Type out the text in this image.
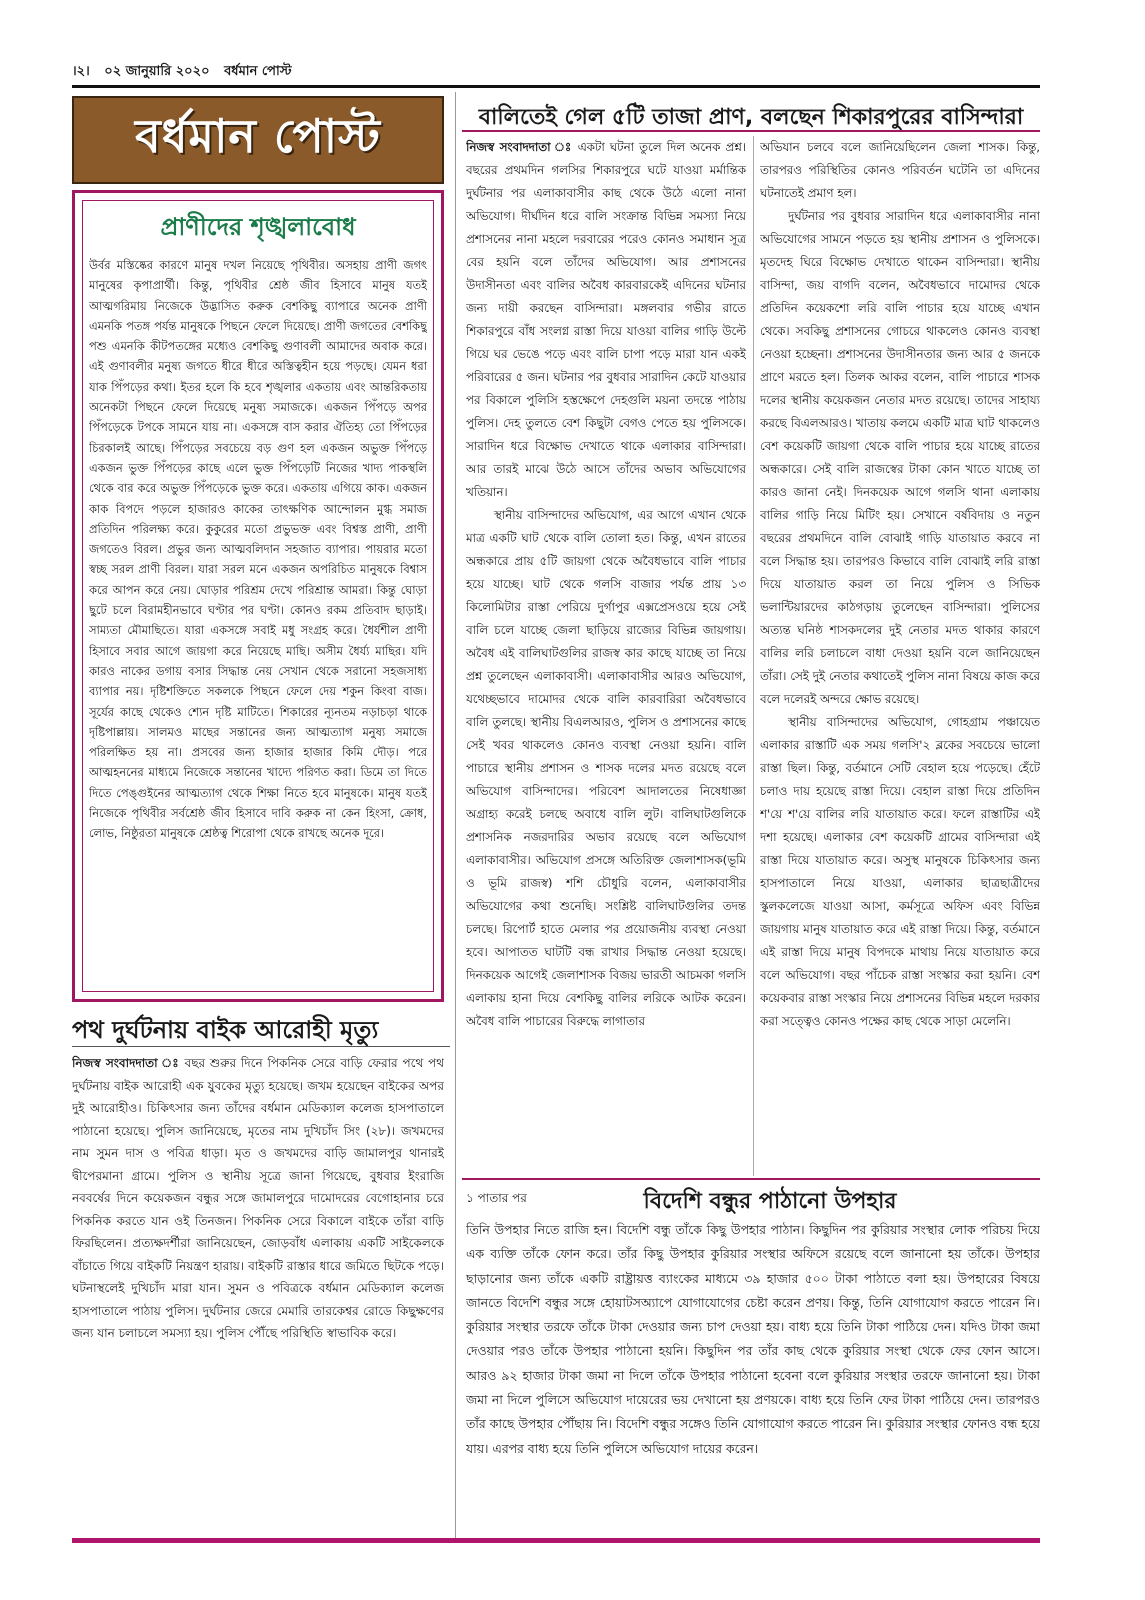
।২। ০২ জানুয়ারি ২০২০ বর্ধমান পোস্ট
বর্ধমান পোস্ট
প্রাণীদের শৃঙ্খলাবোধ
উর্বর মস্তিষ্কের কারণে মানুষ দখল নিয়েছে পৃথিবীর। অসহায় প্রাণী জগৎ মানুষের কৃপাপ্রার্থী। কিন্তু, পৃথিবীর শ্রেষ্ঠ জীব হিসাবে মানুষ যতই আত্মগরিমায় নিজেকে উদ্ভাসিত করুক বেশকিছু ব্যাপারে অনেক প্রাণী এমনকি পতঙ্গ পর্যন্ত মানুষকে পিছনে ফেলে দিয়েছে। প্রাণী জগতের বেশকিছু পশু এমনকি কীটপতঙ্গের মধ্যেও বেশকিছু গুণাবলী আমাদের অবাক করে। এই গুণাবলীর মনুষ্য জগতে ধীরে ধীরে অস্তিত্বহীন হয়ে পড়ছে। যেমন ধরা যাক পিঁপড়ের কথা। ইতর হলে কি হবে শৃঙ্খলার একতায় এবং আন্তরিকতায় অনেকটা পিছনে ফেলে দিয়েছে মনুষ্য সমাজকে। একজন পিঁপড়ে অপর পিঁপড়েকে টপকে সামনে যায় না। একসঙ্গে বাস করার ঐতিহ্য তো পিঁপড়ের চিরকালই আছে। পিঁপড়ের সবচেয়ে বড় গুণ হল একজন অভুক্ত পিঁপড়ে একজন ভুক্ত পিঁপড়ের কাছে এলে ভুক্ত পিঁপড়েটি নিজের খাদ্য পাকস্থলি থেকে বার করে অভুক্ত পিঁপড়েকে ভুক্ত করে। একতায় এগিয়ে কাক। একজন কাক বিপদে পড়লে হাজারও কাকের তাৎক্ষণিক আন্দোলন মুগ্ধ সমাজ প্রতিদিন পরিলক্ষ্য করে। কুকুরের মতো প্রভুভক্ত এবং বিশ্বস্ত প্রাণী, প্রাণী জগতেও বিরল। প্রভুর জন্য আত্মবলিদান সহজাত ব্যাপার। পায়রার মতো স্বচ্ছ সরল প্রাণী বিরল। যারা সরল মনে একজন অপরিচিত মানুষকে বিশ্বাস করে আপন করে নেয়। ঘোড়ার পরিশ্রম দেখে পরিশ্রান্ত আমরা। কিন্তু ঘোড়া ছুটে চলে বিরামহীনভাবে ঘণ্টার পর ঘণ্টা। কোনও রকম প্রতিবাদ ছাড়াই। সাম্যতা মৌমাছিতে। যারা একসঙ্গে সবাই মধু সংগ্রহ করে। ধৈর্যশীল প্রাণী হিসাবে সবার আগে জায়গা করে নিয়েছে মাছি। অসীম ধৈর্য্য মাছির। যদি কারও নাকের ডগায় বসার সিদ্ধান্ত নেয় সেখান থেকে সরানো সহজসাধ্য ব্যাপার নয়। দৃষ্টিশক্তিতে সকলকে পিছনে ফেলে দেয় শকুন কিংবা বাজ। সূর্যের কাছে থেকেও শ্যেন দৃষ্টি মাটিতে। শিকারের ন্যূনতম নড়াচড়া থাকে দৃষ্টিপাল্লায়। সালমও মাছের সন্তানের জন্য আত্মত্যাগ মনুষ্য সমাজে পরিলক্ষিত হয় না। প্রসবের জন্য হাজার হাজার কিমি দৌড়। পরে আত্মহননের মাধ্যমে নিজেকে সন্তানের খাদ্যে পরিণত করা। ডিমে তা দিতে দিতে পেঙ্গুইনের আত্মত্যাগ থেকে শিক্ষা নিতে হবে মানুষকে। মানুষ যতই নিজেকে পৃথিবীর সর্বশ্রেষ্ঠ জীব হিসাবে দাবি করুক না কেন হিংসা, ক্রোধ, লোভ, নিষ্ঠুরতা মানুষকে শ্রেষ্ঠত্ব শিরোপা থেকে রাখছে অনেক দূরে।
পথ দুর্ঘটনায় বাইক আরোহী মৃত্যু
নিজস্ব সংবাদদাতা ঃ বছর শুরুর দিনে পিকনিক সেরে বাড়ি ফেরার পথে পথ দুর্ঘটনায় বাইক আরোহী এক যুবকের মৃত্যু হয়েছে। জখম হয়েছেন বাইকের অপর দুই আরোহীও। চিকিৎসার জন্য তাঁদের বর্ধমান মেডিক্যাল কলেজ হাসপাতালে পাঠানো হয়েছে। পুলিস জানিয়েছে, মৃতের নাম দুখিচাঁদ সিং (২৮)। জখমদের নাম সুমন দাস ও পবিত্র ধাড়া। মৃত ও জখমদের বাড়ি জামালপুর থানারই দ্বীপেরমানা গ্রামে। পুলিস ও স্থানীয় সূত্রে জানা গিয়েছে, বুধবার ইংরাজি নববর্ষের দিনে কয়েকজন বন্ধুর সঙ্গে জামালপুরে দামোদরের বেগোহানার চরে পিকনিক করতে যান ওই তিনজন। পিকনিক সেরে বিকালে বাইকে তাঁরা বাড়ি ফিরছিলেন। প্রত্যক্ষদর্শীরা জানিয়েছেন, জোড়বাঁধ এলাকায় একটি সাইকেলকে বাঁচাতে গিয়ে বাইকটি নিয়ন্ত্রণ হারায়। বাইকটি রাস্তার ধারে জমিতে ছিটকে পড়ে। ঘটনাস্থলেই দুখিচাঁদ মারা যান। সুমন ও পবিত্রকে বর্ধমান মেডিক্যাল কলেজ হাসপাতালে পাঠায় পুলিস। দুর্ঘটনার জেরে মেমারি তারকেশ্বর রোডে কিছুক্ষণের জন্য যান চলাচলে সমস্যা হয়। পুলিস পৌঁছে পরিস্থিতি স্বাভাবিক করে।
বালিতেই গেল ৫টি তাজা প্রাণ, বলছেন শিকারপুরের বাসিন্দারা

নিজস্ব সংবাদদাতা ঃ একটা ঘটনা তুলে দিল অনেক প্রশ্ন। বছরের প্রথমদিন গলসির শিকারপুরে ঘটে যাওয়া মর্মান্তিক দুর্ঘটনার পর এলাকাবাসীর কাছ থেকে উঠে এলো নানা অভিযোগ। দীর্ঘদিন ধরে বালি সংক্রান্ত বিভিন্ন সমস্যা নিয়ে প্রশাসনের নানা মহলে দরবারের পরেও কোনও সমাধান সূত্র বের হয়নি বলে তাঁদের অভিযোগ। আর প্রশাসনের উদাসীনতা এবং বালির অবৈধ কারবারকেই এদিনের ঘটনার জন্য দায়ী করছেন বাসিন্দারা। মঙ্গলবার গভীর রাতে শিকারপুরে বাঁধ সংলগ্ন রাস্তা দিয়ে যাওয়া বালির গাড়ি উল্টে গিয়ে ঘর ভেঙে পড়ে এবং বালি চাপা পড়ে মারা যান একই পরিবারের ৫ জন। ঘটনার পর বুধবার সারাদিন কেটে যাওয়ার পর বিকালে পুলিসি হস্তক্ষেপে দেহগুলি ময়না তদন্তে পাঠায় পুলিস। দেহ তুলতে বেশ কিছুটা বেগও পেতে হয় পুলিসকে। সারাদিন ধরে বিক্ষোভ দেখাতে থাকে এলাকার বাসিন্দারা। আর তারই মাঝে উঠে আসে তাঁদের অভাব অভিযোগের খতিয়ান।

স্থানীয় বাসিন্দাদের অভিযোগ, এর আগে এখান থেকে মাত্র একটি ঘাট থেকে বালি তোলা হত। কিন্তু, এখন রাতের অন্ধকারে প্রায় ৫টি জায়গা থেকে অবৈধভাবে বালি পাচার হয়ে যাচ্ছে। ঘাট থেকে গলসি বাজার পর্যন্ত প্রায় ১৩ কিলোমিটার রাস্তা পেরিয়ে দুর্গাপুর এক্সপ্রেসওয়ে হয়ে সেই বালি চলে যাচ্ছে জেলা ছাড়িয়ে রাজ্যের বিভিন্ন জায়গায়। অবৈধ এই বালিঘাটগুলির রাজস্ব কার কাছে যাচ্ছে তা নিয়ে প্রশ্ন তুলেছেন এলাকাবাসী। এলাকাবাসীর আরও অভিযোগ, যথেচ্ছভাবে দামোদর থেকে বালি কারবারিরা অবৈধভাবে বালি তুলছে। স্থানীয় বিএলআরও, পুলিস ও প্রশাসনের কাছে সেই খবর থাকলেও কোনও ব্যবস্থা নেওয়া হয়নি। বালি পাচারে স্থানীয় প্রশাসন ও শাসক দলের মদত রয়েছে বলে অভিযোগ বাসিন্দাদের। পরিবেশ আদালতের নিষেধাজ্ঞা অগ্রাহ্য করেই চলছে অবাধে বালি লুট। বালিঘাটগুলিকে প্রশাসনিক নজরদারির অভাব রয়েছে বলে অভিযোগ এলাকাবাসীর। অভিযোগ প্রসঙ্গে অতিরিক্ত জেলাশাসক(ভূমি ও ভূমি রাজস্ব) শশি চৌধুরি বলেন, এলাকাবাসীর অভিযোগের কথা শুনেছি। সংশ্লিষ্ট বালিঘাটগুলির তদন্ত চলছে। রিপোর্ট হাতে মেলার পর প্রয়োজনীয় ব্যবস্থা নেওয়া হবে। আপাতত ঘাটটি বন্ধ রাখার সিদ্ধান্ত নেওয়া হয়েছে। দিনকয়েক আগেই জেলাশাসক বিজয় ভারতী আচমকা গলসি এলাকায় হানা দিয়ে বেশকিছু বালির লরিকে আটক করেন। অবৈধ বালি পাচারের বিরুদ্ধে লাগাতার

অভিযান চলবে বলে জানিয়েছিলেন জেলা শাসক। কিন্তু, তারপরও পরিস্থিতির কোনও পরিবর্তন ঘটেনি তা এদিনের ঘটনাতেই প্রমাণ হল।

দুর্ঘটনার পর বুধবার সারাদিন ধরে এলাকাবাসীর নানা অভিযোগের সামনে পড়তে হয় স্থানীয় প্রশাসন ও পুলিসকে। মৃতদেহ ঘিরে বিক্ষোভ দেখাতে থাকেন বাসিন্দারা। স্থানীয় বাসিন্দা, জয় বাগদি বলেন, অবৈধভাবে দামোদর থেকে প্রতিদিন কয়েকশো লরি বালি পাচার হয়ে যাচ্ছে এখান থেকে। সবকিছু প্রশাসনের গোচরে থাকলেও কোনও ব্যবস্থা নেওয়া হচ্ছেনা। প্রশাসনের উদাসীনতার জন্য আর ৫ জনকে প্রাণে মরতে হল। তিলক আকর বলেন, বালি পাচারে শাসক দলের স্থানীয় কয়েকজন নেতার মদত রয়েছে। তাদের সাহায্য করছে বিএলআরও। খাতায় কলমে একটি মাত্র ঘাট থাকলেও বেশ কয়েকটি জায়গা থেকে বালি পাচার হয়ে যাচ্ছে রাতের অন্ধকারে। সেই বালি রাজস্বের টাকা কোন খাতে যাচ্ছে তা কারও জানা নেই। দিনকয়েক আগে গলসি থানা এলাকায় বালির গাড়ি নিয়ে মিটিং হয়। সেখানে বর্ষবিদায় ও নতুন বছরের প্রথমদিনে বালি বোঝাই গাড়ি যাতায়াত করবে না বলে সিদ্ধান্ত হয়। তারপরও কিভাবে বালি বোঝাই লরি রাস্তা দিয়ে যাতায়াত করল তা নিয়ে পুলিস ও সিভিক ভলান্টিয়ারদের কাঠগড়ায় তুলেছেন বাসিন্দারা। পুলিসের অত্যন্ত ঘনিষ্ঠ শাসকদলের দুই নেতার মদত থাকার কারণে বালির লরি চলাচলে বাধা দেওয়া হয়নি বলে জানিয়েছেন তাঁরা। সেই দুই নেতার কথাতেই পুলিস নানা বিষয়ে কাজ করে বলে দলেরই অন্দরে ক্ষোভ রয়েছে।

স্থানীয় বাসিন্দাদের অভিযোগ, গোহগ্রাম পঞ্চায়েত এলাকার রাস্তাটি এক সময় গলসি'২ ব্লকের সবচেয়ে ভালো রাস্তা ছিল। কিন্তু, বর্তমানে সেটি বেহাল হয়ে পড়েছে। হেঁটে চলাও দায় হয়েছে রাস্তা দিয়ে। বেহাল রাস্তা দিয়ে প্রতিদিন শ'য়ে শ'য়ে বালির লরি যাতায়াত করে। ফলে রাস্তাটির এই দশা হয়েছে। এলাকার বেশ কয়েকটি গ্রামের বাসিন্দারা এই রাস্তা দিয়ে যাতায়াত করে। অসুস্থ মানুষকে চিকিৎসার জন্য হাসপাতালে নিয়ে যাওয়া, এলাকার ছাত্রছাত্রীদের স্কুলকলেজে যাওয়া আসা, কর্মসূত্রে অফিস এবং বিভিন্ন জায়গায় মানুষ যাতায়াত করে এই রাস্তা দিয়ে। কিন্তু, বর্তমানে এই রাস্তা দিয়ে মানুষ বিপদকে মাথায় নিয়ে যাতায়াত করে বলে অভিযোগ। বছর পাঁচেক রাস্তা সংস্কার করা হয়নি। বেশ কয়েকবার রাস্তা সংস্কার নিয়ে প্রশাসনের বিভিন্ন মহলে দরকার করা সত্ত্বেও কোনও পক্ষের কাছ থেকে সাড়া মেলেনি।

১ পাতার পর	বিদেশি বন্ধুর পাঠানো উপহার
তিনি উপহার নিতে রাজি হন। বিদেশি বন্ধু তাঁকে কিছু উপহার পাঠান। কিছুদিন পর কুরিয়ার সংস্থার লোক পরিচয় দিয়ে এক ব্যক্তি তাঁকে ফোন করে। তাঁর কিছু উপহার কুরিয়ার সংস্থার অফিসে রয়েছে বলে জানানো হয় তাঁকে। উপহার ছাড়ানোর জন্য তাঁকে একটি রাষ্ট্রায়ত্ত ব্যাংকের মাধ্যমে ৩৯ হাজার ৫০০ টাকা পাঠাতে বলা হয়। উপহারের বিষয়ে জানতে বিদেশি বন্ধুর সঙ্গে হোয়াটসঅ্যাপে যোগাযোগের চেষ্টা করেন প্রণয়। কিন্তু, তিনি যোগাযোগ করতে পারেন নি। কুরিয়ার সংস্থার তরফে তাঁকে টাকা দেওয়ার জন্য চাপ দেওয়া হয়। বাধ্য হয়ে তিনি টাকা পাঠিয়ে দেন। যদিও টাকা জমা দেওয়ার পরও তাঁকে উপহার পাঠানো হয়নি। কিছুদিন পর তাঁর কাছ থেকে কুরিয়ার সংস্থা থেকে ফের ফোন আসে। আরও ৯২ হাজার টাকা জমা না দিলে তাঁকে উপহার পাঠানো হবেনা বলে কুরিয়ার সংস্থার তরফে জানানো হয়। টাকা জমা না দিলে পুলিসে অভিযোগ দায়েরের ভয় দেখানো হয় প্রণয়কে। বাধ্য হয়ে তিনি ফের টাকা পাঠিয়ে দেন। তারপরও তাঁর কাছে উপহার পৌঁছায় নি। বিদেশি বন্ধুর সঙ্গেও তিনি যোগাযোগ করতে পারেন নি। কুরিয়ার সংস্থার ফোনও বন্ধ হয়ে যায়। এরপর বাধ্য হয়ে তিনি পুলিসে অভিযোগ দায়ের করেন।
